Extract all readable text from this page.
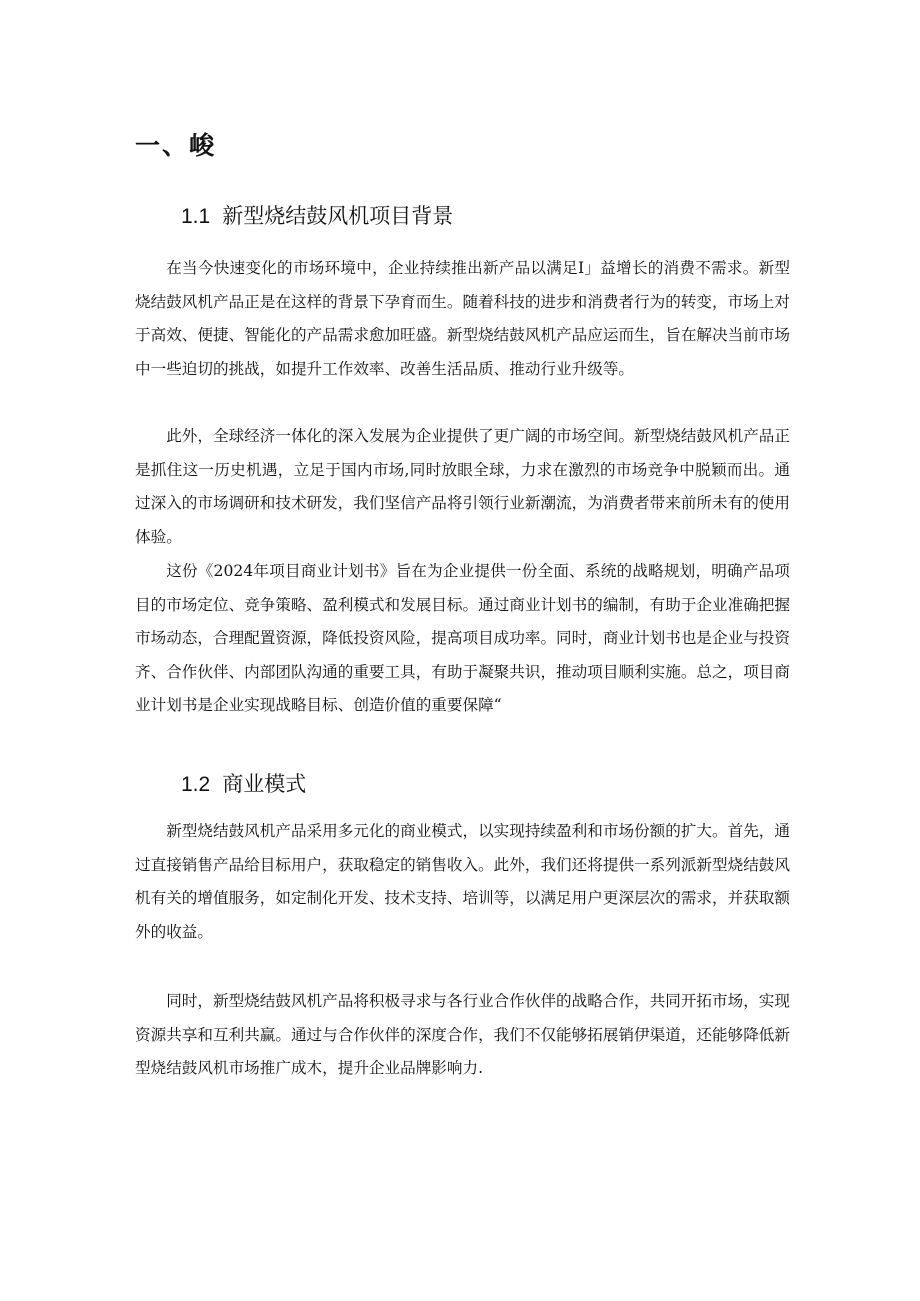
一、峻
1.1 新型烧结鼓风机项目背景

在当今快速变化的市场环境中，企业持续推出新产品以满足I」益增长的消费不需求。新型烧结鼓风机产品正是在这样的背景下孕育而生。随着科技的进步和消费者行为的转变，市场上对于高效、便捷、智能化的产品需求愈加旺盛。新型烧结鼓风机产品应运而生，旨在解决当前市场中一些迫切的挑战，如提升工作效率、改善生活品质、推动行业升级等。

此外，全球经济一体化的深入发展为企业提供了更广阔的市场空间。新型烧结鼓风机产品正是抓住这一历史机遇，立足于国内市场,同时放眼全球，力求在激烈的市场竞争中脱颖而出。通过深入的市场调研和技术研发，我们坚信产品将引领行业新潮流，为消费者带来前所未有的使用体验。

这份《2024年项目商业计划书》旨在为企业提供一份全面、系统的战略规划，明确产品项目的市场定位、竞争策略、盈利模式和发展目标。通过商业计划书的编制，有助于企业准确把握市场动态，合理配置资源，降低投资风险，提高项目成功率。同时，商业计划书也是企业与投资齐、合作伙伴、内部团队沟通的重要工具，有助于凝聚共识，推动项目顺利实施。总之，项目商业计划书是企业实现战略目标、创造价值的重要保障“

1.2 商业模式

新型烧结鼓风机产品采用多元化的商业模式，以实现持续盈利和市场份额的扩大。首先，通过直接销售产品给目标用户，获取稳定的销售收入。此外，我们还将提供一系列派新型烧结鼓风机有关的增值服务，如定制化开发、技术支持、培训等，以满足用户更深层次的需求，并获取额外的收益。

同时，新型烧结鼓风机产品将积极寻求与各行业合作伙伴的战略合作，共同开拓市场，实现资源共享和互利共赢。通过与合作伙伴的深度合作，我们不仅能够拓展销伊渠道，还能够降低新型烧结鼓风机市场推广成木，提升企业品牌影响力.
